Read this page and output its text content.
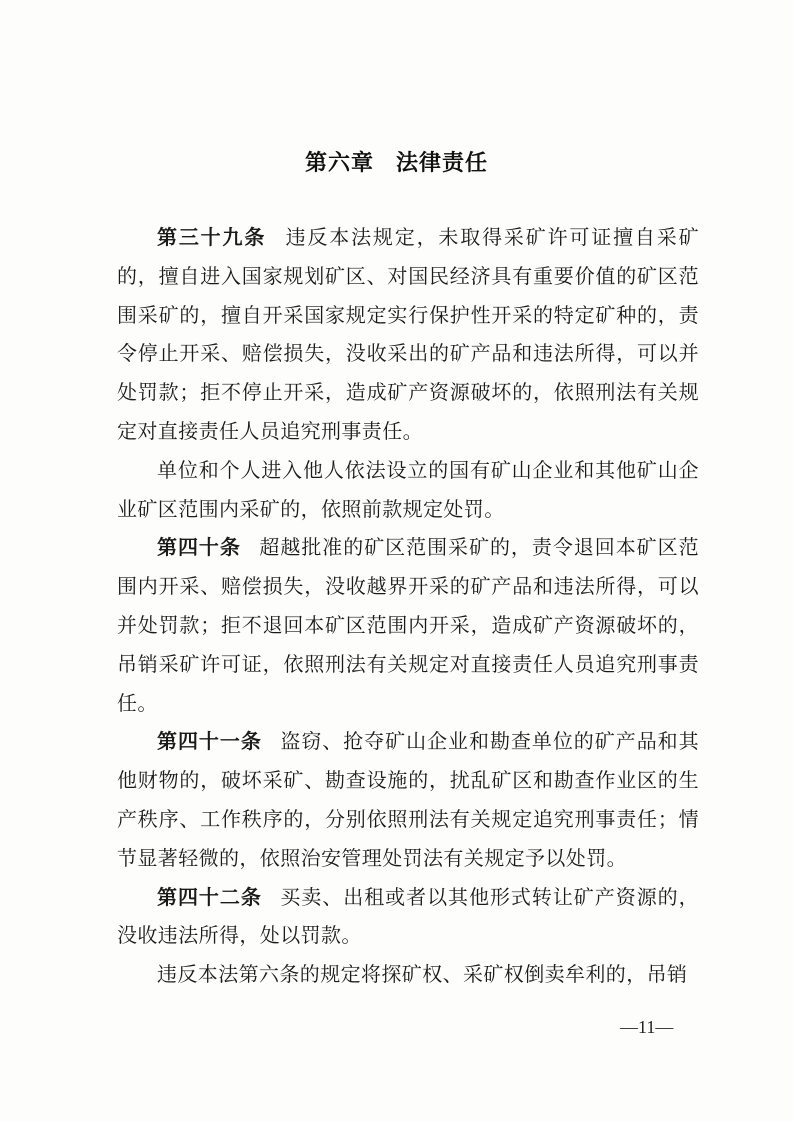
第六章 法律责任

第三十九条 违反本法规定，未取得采矿许可证擅自采矿的，擅自进入国家规划矿区、对国民经济具有重要价值的矿区范围采矿的，擅自开采国家规定实行保护性开采的特定矿种的，责令停止开采、赔偿损失，没收采出的矿产品和违法所得，可以并处罚款；拒不停止开采，造成矿产资源破坏的，依照刑法有关规定对直接责任人员追究刑事责任。

单位和个人进入他人依法设立的国有矿山企业和其他矿山企业矿区范围内采矿的，依照前款规定处罚。

第四十条 超越批准的矿区范围采矿的，责令退回本矿区范围内开采、赔偿损失，没收越界开采的矿产品和违法所得，可以并处罚款；拒不退回本矿区范围内开采，造成矿产资源破坏的，吊销采矿许可证，依照刑法有关规定对直接责任人员追究刑事责任。

第四十一条 盗窃、抢夺矿山企业和勘查单位的矿产品和其他财物的，破坏采矿、勘查设施的，扰乱矿区和勘查作业区的生产秩序、工作秩序的，分别依照刑法有关规定追究刑事责任；情节显著轻微的，依照治安管理处罚法有关规定予以处罚。

第四十二条 买卖、出租或者以其他形式转让矿产资源的，没收违法所得，处以罚款。

违反本法第六条的规定将探矿权、采矿权倒卖牟利的，吊销

—11—
